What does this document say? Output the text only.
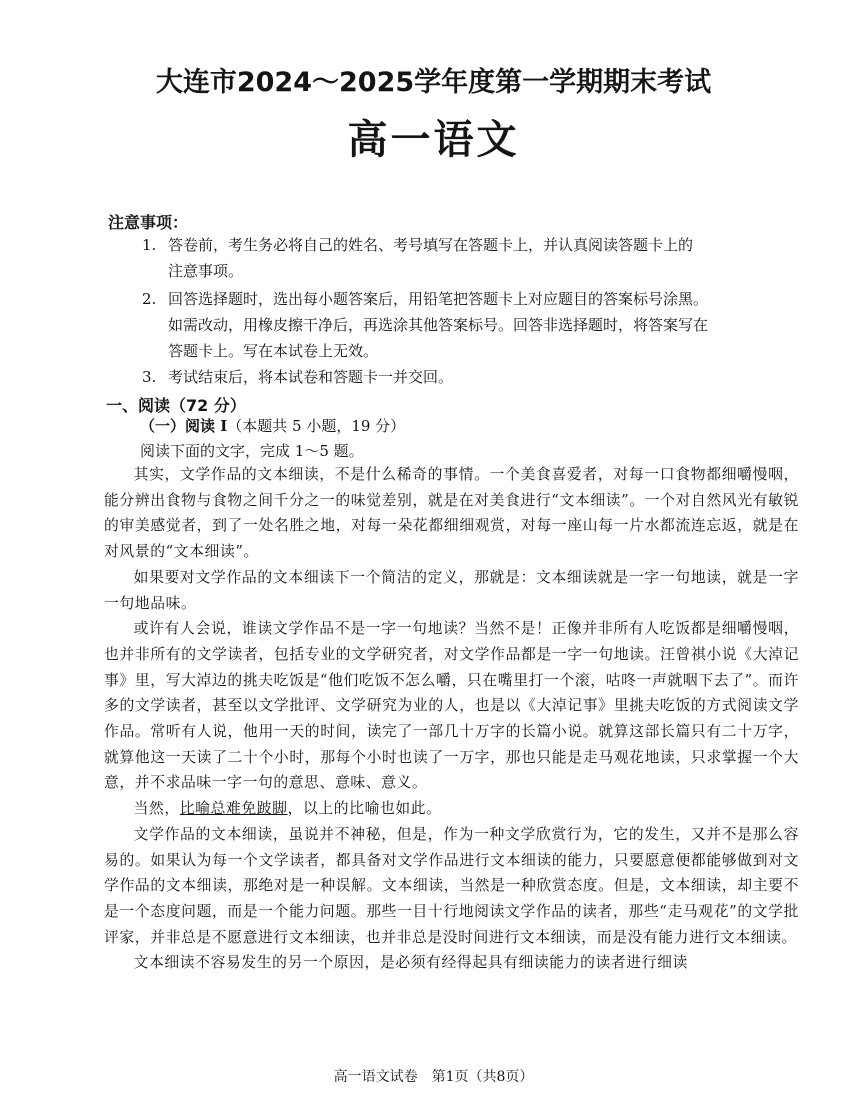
大连市2024～2025学年度第一学期期末考试
高一语文
注意事项：
1. 答卷前，考生务必将自己的姓名、考号填写在答题卡上，并认真阅读答题卡上的
注意事项。
2. 回答选择题时，选出每小题答案后，用铅笔把答题卡上对应题目的答案标号涂黑。
如需改动，用橡皮擦干净后，再选涂其他答案标号。回答非选择题时，将答案写在
答题卡上。写在本试卷上无效。
3. 考试结束后，将本试卷和答题卡一并交回。
一、阅读（72 分）
（一）阅读 I（本题共 5 小题，19 分）
阅读下面的文字，完成 1～5 题。

其实，文学作品的文本细读，不是什么稀奇的事情。一个美食喜爱者，对每一口食物都细嚼慢咽，能分辨出食物与食物之间千分之一的味觉差别，就是在对美食进行“文本细读”。一个对自然风光有敏锐的审美感觉者，到了一处名胜之地，对每一朵花都细细观赏，对每一座山每一片水都流连忘返，就是在对风景的“文本细读”。

如果要对文学作品的文本细读下一个简洁的定义，那就是：文本细读就是一字一句地读，就是一字一句地品味。

或许有人会说，谁读文学作品不是一字一句地读？当然不是！正像并非所有人吃饭都是细嚼慢咽，也并非所有的文学读者，包括专业的文学研究者，对文学作品都是一字一句地读。汪曾祺小说《大淖记事》里，写大淖边的挑夫吃饭是“他们吃饭不怎么嚼，只在嘴里打一个滚，咕咚一声就咽下去了”。而许多的文学读者，甚至以文学批评、文学研究为业的人，也是以《大淖记事》里挑夫吃饭的方式阅读文学作品。常听有人说，他用一天的时间，读完了一部几十万字的长篇小说。就算这部长篇只有二十万字，就算他这一天读了二十个小时，那每个小时也读了一万字，那也只能是走马观花地读，只求掌握一个大意，并不求品味一字一句的意思、意味、意义。

当然，比喻总难免跛脚，以上的比喻也如此。

文学作品的文本细读，虽说并不神秘，但是，作为一种文学欣赏行为，它的发生，又并不是那么容易的。如果认为每一个文学读者，都具备对文学作品进行文本细读的能力，只要愿意便都能够做到对文学作品的文本细读，那绝对是一种误解。文本细读，当然是一种欣赏态度。但是，文本细读，却主要不是一个态度问题，而是一个能力问题。那些一目十行地阅读文学作品的读者，那些“走马观花”的文学批评家，并非总是不愿意进行文本细读，也并非总是没时间进行文本细读，而是没有能力进行文本细读。

文本细读不容易发生的另一个原因，是必须有经得起具有细读能力的读者进行细读

高一语文试卷　第1页（共8页）
